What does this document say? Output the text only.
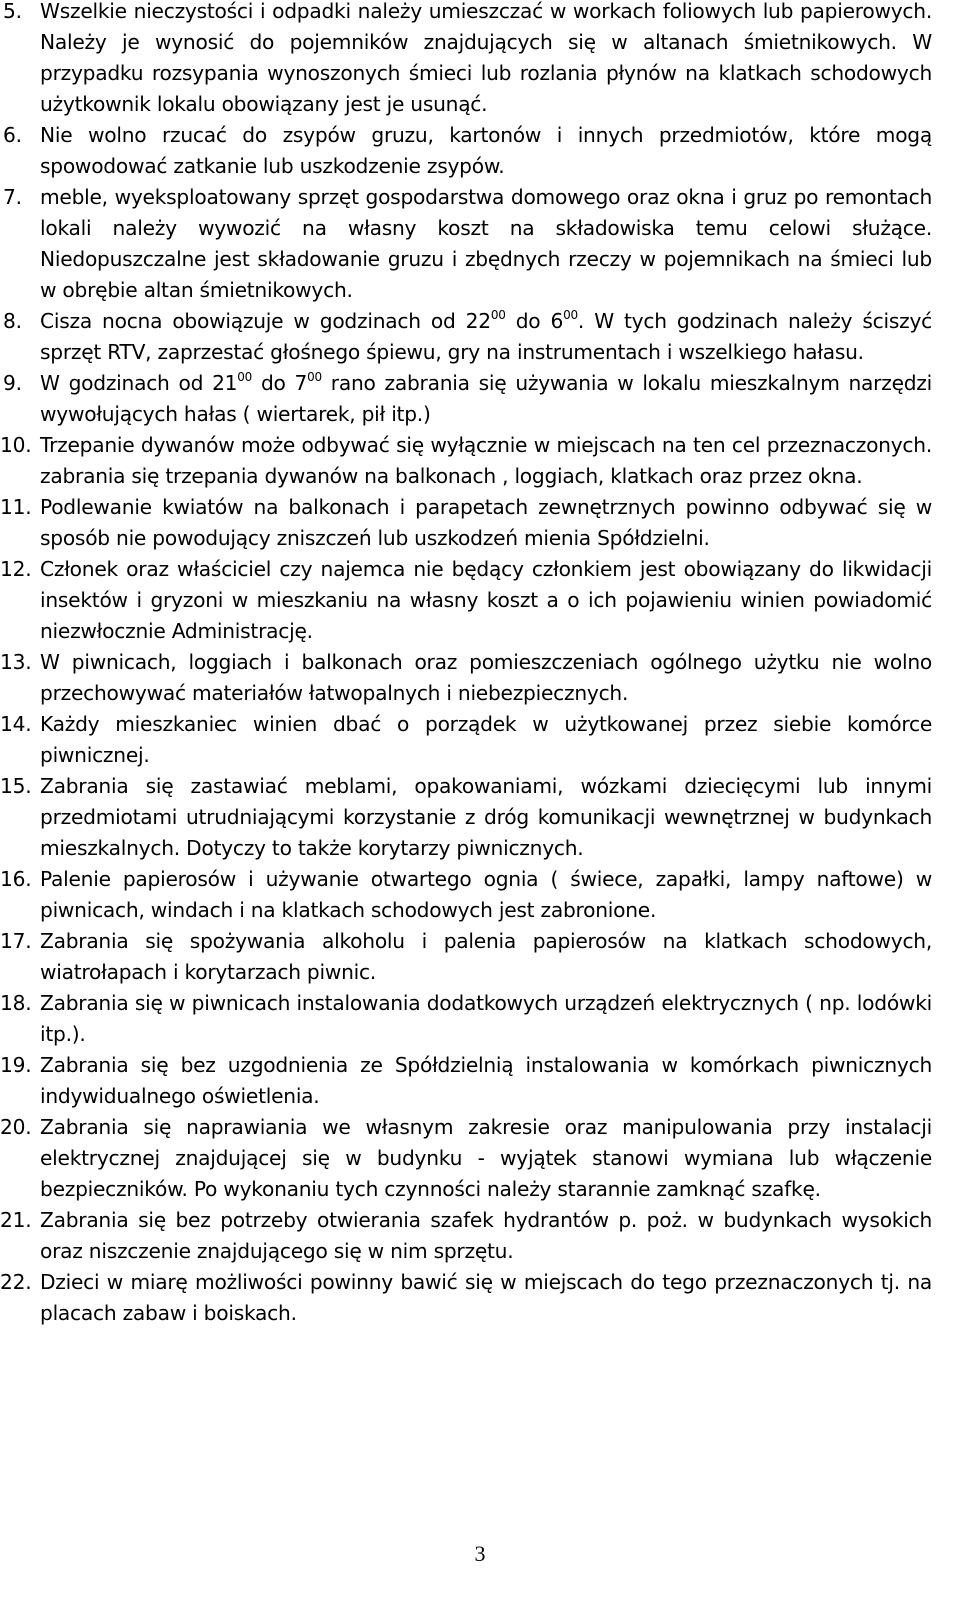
5. Wszelkie nieczystości i odpadki należy umieszczać w workach foliowych lub papierowych. Należy je wynosić do pojemników znajdujących się w altanach śmietnikowych. W przypadku rozsypania wynoszonych śmieci lub rozlania płynów na klatkach schodowych użytkownik lokalu obowiązany jest je usunąć.
6. Nie wolno rzucać do zsypów gruzu, kartonów i innych przedmiotów, które mogą spowodować zatkanie lub uszkodzenie zsypów.
7. meble, wyeksploatowany sprzęt gospodarstwa domowego oraz okna i gruz po remontach lokali należy wywozić na własny koszt na składowiska temu celowi służące. Niedopuszczalne jest składowanie gruzu i zbędnych rzeczy w pojemnikach na śmieci lub w obrębie altan śmietnikowych.
8. Cisza nocna obowiązuje w godzinach od $22^{00}$ do $6^{00}$. W tych godzinach należy ściszyć sprzęt RTV, zaprzestać głośnego śpiewu, gry na instrumentach i wszelkiego hałasu.
9. W godzinach od $21^{00}$ do $7^{00}$ rano zabrania się używania w lokalu mieszkalnym narzędzi wywołujących hałas ( wiertarek, pił itp.)
10. Trzepanie dywanów może odbywać się wyłącznie w miejscach na ten cel przeznaczonych. zabrania się trzepania dywanów na balkonach , loggiach, klatkach oraz przez okna.
11. Podlewanie kwiatów na balkonach i parapetach zewnętrznych powinno odbywać się w sposób nie powodujący zniszczeń lub uszkodzeń mienia Spółdzielni.
12. Członek oraz właściciel czy najemca nie będący członkiem jest obowiązany do likwidacji insektów i gryzoni w mieszkaniu na własny koszt a o ich pojawieniu winien powiadomić niezwłocznie Administrację.
13. W piwnicach, loggiach i balkonach oraz pomieszczeniach ogólnego użytku nie wolno przechowywać materiałów łatwopalnych i niebezpiecznych.
14. Każdy mieszkaniec winien dbać o porządek w użytkowanej przez siebie komórce piwnicznej.
15. Zabrania się zastawiać meblami, opakowaniami, wózkami dziecięcymi lub innymi przedmiotami utrudniającymi korzystanie z dróg komunikacji wewnętrznej w budynkach mieszkalnych. Dotyczy to także korytarzy piwnicznych.
16. Palenie papierosów i używanie otwartego ognia ( świece, zapałki, lampy naftowe) w piwnicach, windach i na klatkach schodowych jest zabronione.
17. Zabrania się spożywania alkoholu i palenia papierosów na klatkach schodowych, wiatrołapach i korytarzach piwnic.
18. Zabrania się w piwnicach instalowania dodatkowych urządzeń elektrycznych ( np. lodówki itp.).
19. Zabrania się bez uzgodnienia ze Spółdzielnią instalowania w komórkach piwnicznych indywidualnego oświetlenia.
20. Zabrania się naprawiania we własnym zakresie oraz manipulowania przy instalacji elektrycznej znajdującej się w budynku - wyjątek stanowi wymiana lub włączenie bezpieczników. Po wykonaniu tych czynności należy starannie zamknąć szafkę.
21. Zabrania się bez potrzeby otwierania szafek hydrantów p. poż. w budynkach wysokich oraz niszczenie znajdującego się w nim sprzętu.
22. Dzieci w miarę możliwości powinny bawić się w miejscach do tego przeznaczonych tj. na placach zabaw i boiskach.
3
